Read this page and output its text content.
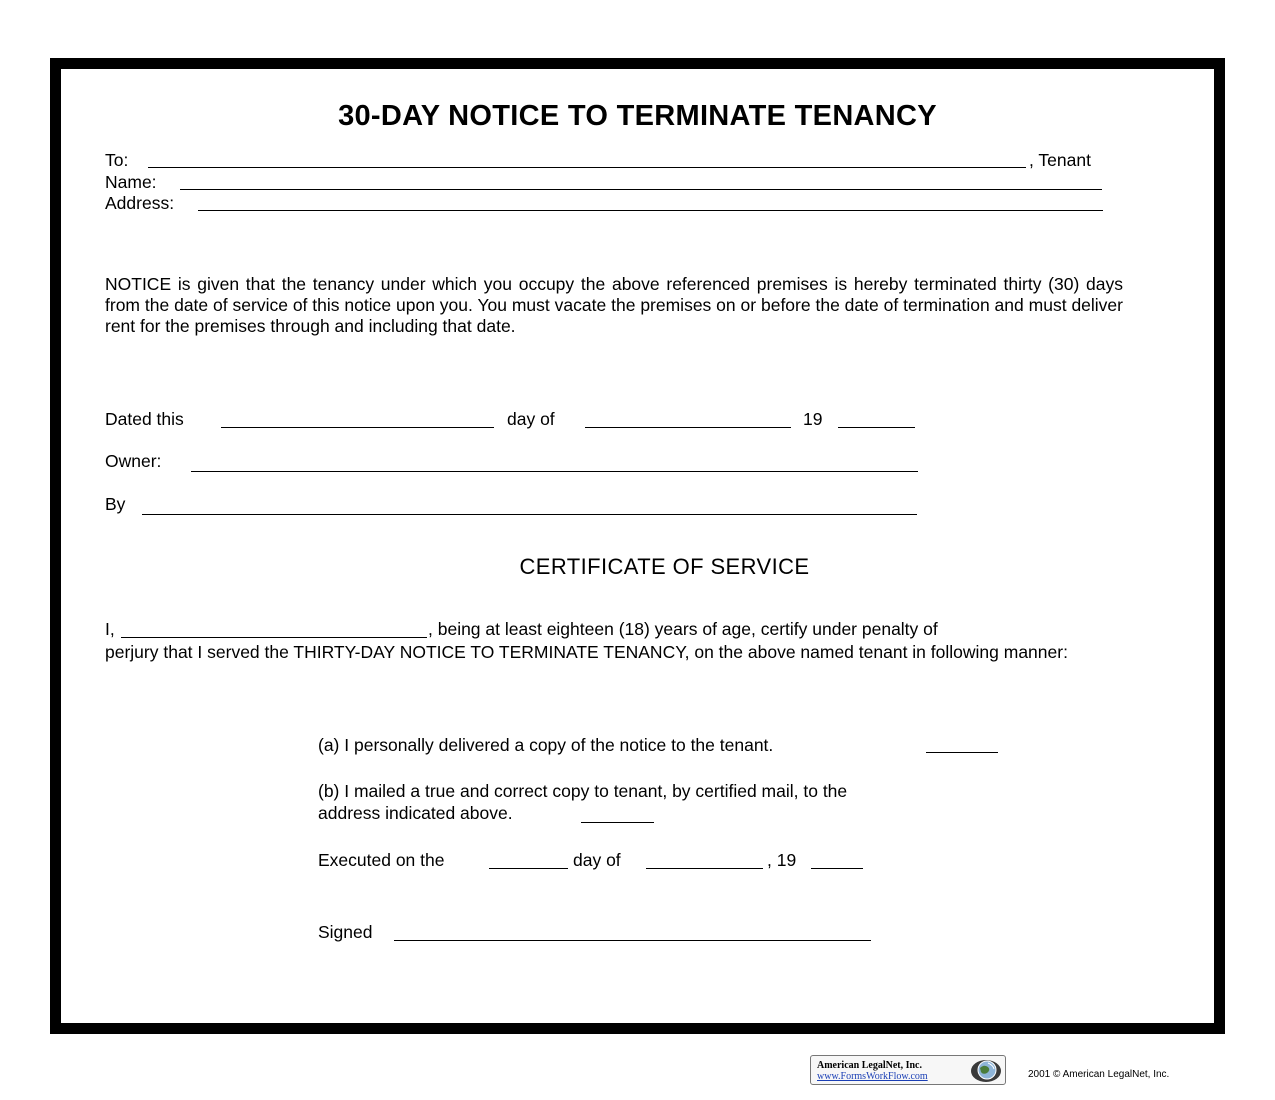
30-DAY NOTICE TO TERMINATE TENANCY
To:	, Tenant
Name:
Address:
NOTICE is given that the tenancy under which you occupy the above referenced premises is hereby terminated thirty (30) days from the date of service of this notice upon you. You must vacate the premises on or before the date of termination and must deliver rent for the premises through and including that date.
Dated this	day of	19
Owner:
By
CERTIFICATE OF SERVICE
I,	, being at least eighteen (18) years of age, certify under penalty of
perjury that I served the THIRTY-DAY NOTICE TO TERMINATE TENANCY, on the above named tenant in following manner:
(a) I personally delivered a copy of the notice to the tenant.
(b) I mailed a true and correct copy to tenant, by certified mail, to the
address indicated above.
Executed on the	day of	, 19
Signed
American LegalNet, Inc.
www.FormsWorkFlow.com	2001 © American LegalNet, Inc.
